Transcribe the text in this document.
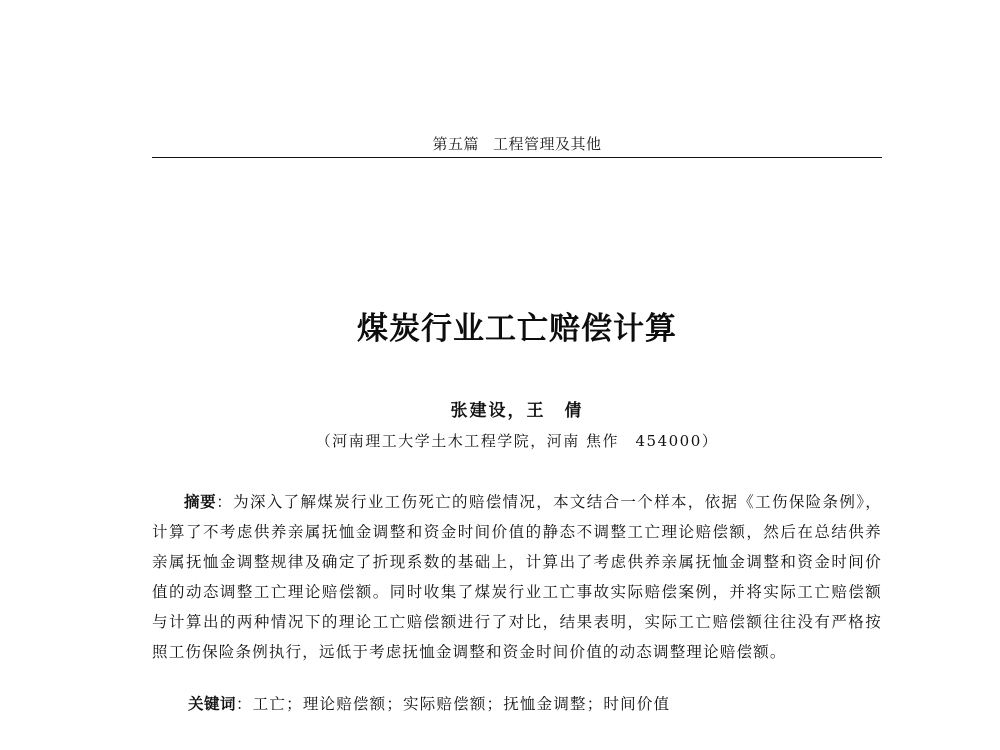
第五篇 工程管理及其他
煤炭行业工亡赔偿计算
张建设，王　倩
（河南理工大学土木工程学院，河南 焦作　454000）

摘要：为深入了解煤炭行业工伤死亡的赔偿情况，本文结合一个样本，依据《工伤保险条例》，计算了不考虑供养亲属抚恤金调整和资金时间价值的静态不调整工亡理论赔偿额，然后在总结供养亲属抚恤金调整规律及确定了折现系数的基础上，计算出了考虑供养亲属抚恤金调整和资金时间价值的动态调整工亡理论赔偿额。同时收集了煤炭行业工亡事故实际赔偿案例，并将实际工亡赔偿额与计算出的两种情况下的理论工亡赔偿额进行了对比，结果表明，实际工亡赔偿额往往没有严格按照工伤保险条例执行，远低于考虑抚恤金调整和资金时间价值的动态调整理论赔偿额。

关键词：工亡；理论赔偿额；实际赔偿额；抚恤金调整；时间价值
